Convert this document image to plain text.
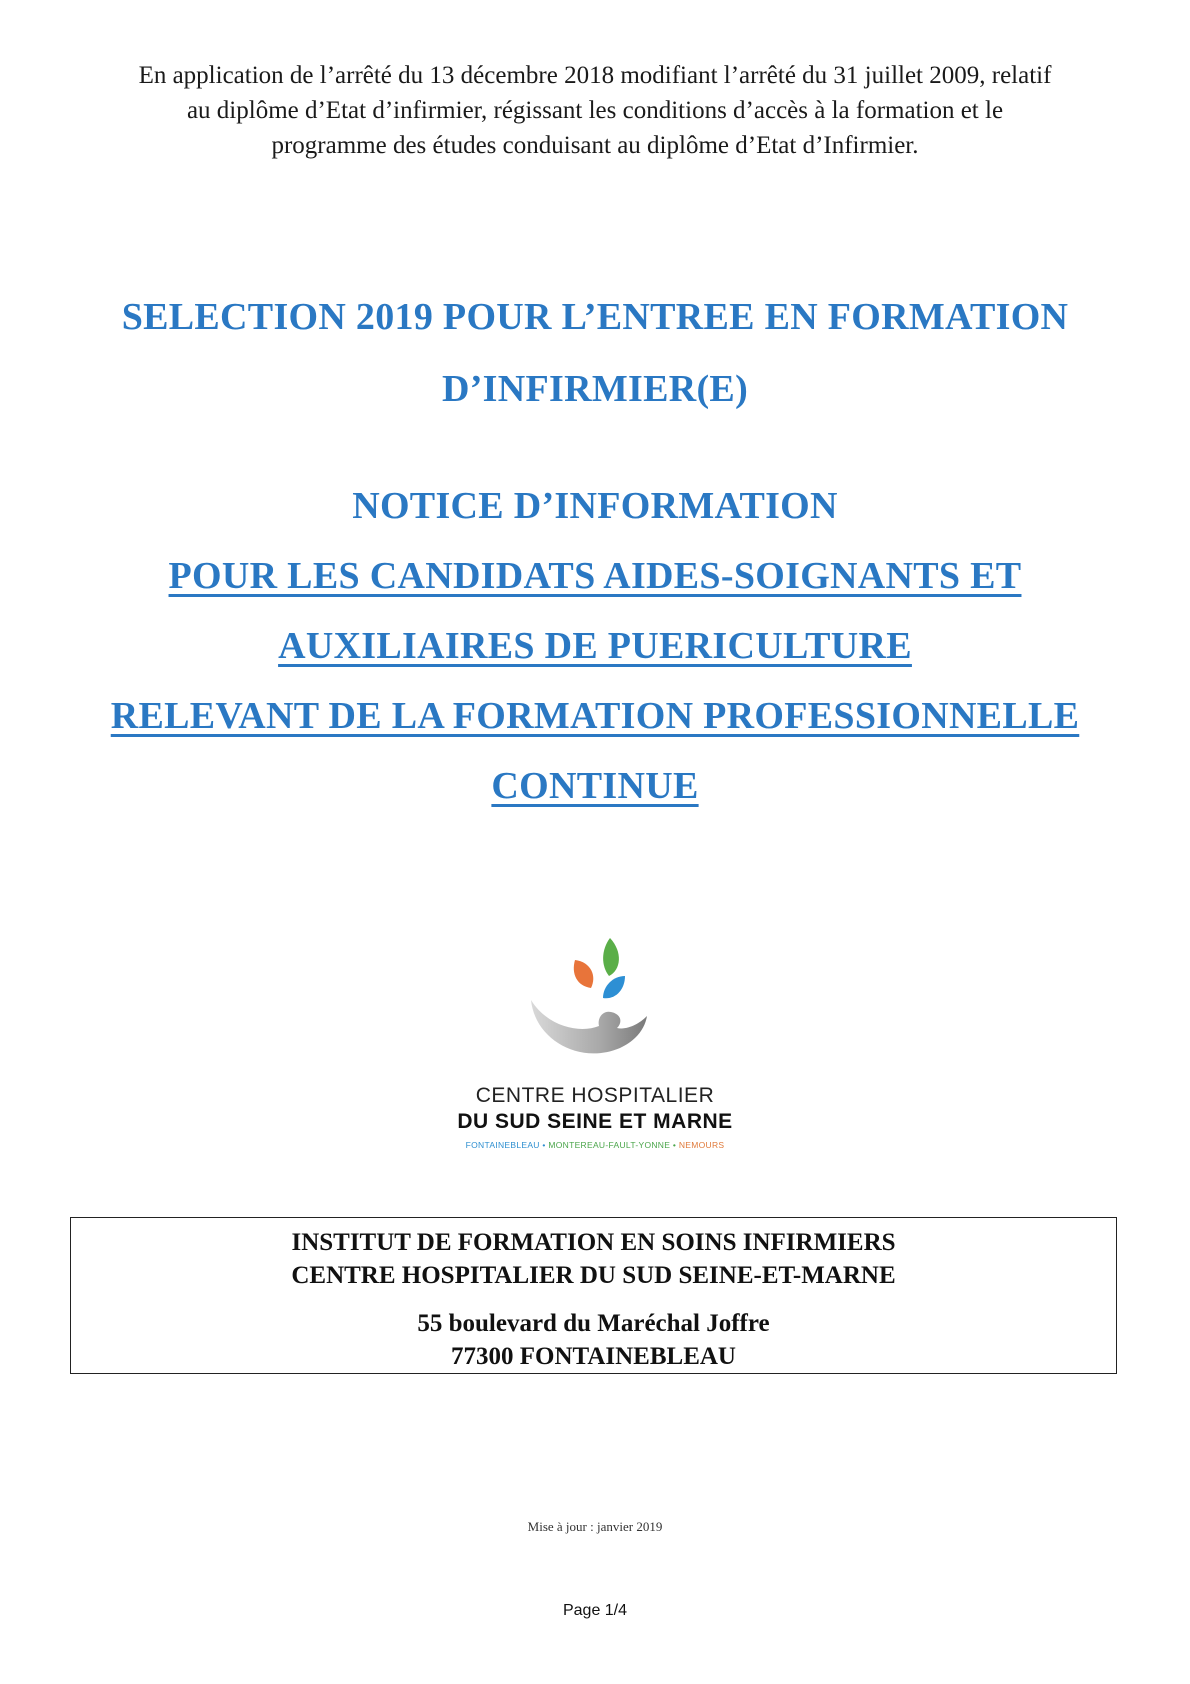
En application de l’arrêté du 13 décembre 2018 modifiant l’arrêté du 31 juillet 2009, relatif
au diplôme d’Etat d’infirmier, régissant les conditions d’accès à la formation et le
programme des études conduisant au diplôme d’Etat d’Infirmier.
SELECTION 2019 POUR L’ENTREE EN FORMATION
D’INFIRMIER(E)
NOTICE D’INFORMATION
POUR LES CANDIDATS AIDES-SOIGNANTS ET
AUXILIAIRES DE PUERICULTURE
RELEVANT DE LA FORMATION PROFESSIONNELLE
CONTINUE
CENTRE HOSPITALIER
DU SUD SEINE ET MARNE
FONTAINEBLEAU • MONTEREAU-FAULT-YONNE • NEMOURS
INSTITUT DE FORMATION EN SOINS INFIRMIERS
CENTRE HOSPITALIER DU SUD SEINE-ET-MARNE
55 boulevard du Maréchal Joffre
77300 FONTAINEBLEAU
Mise à jour : janvier 2019
Page 1/4
